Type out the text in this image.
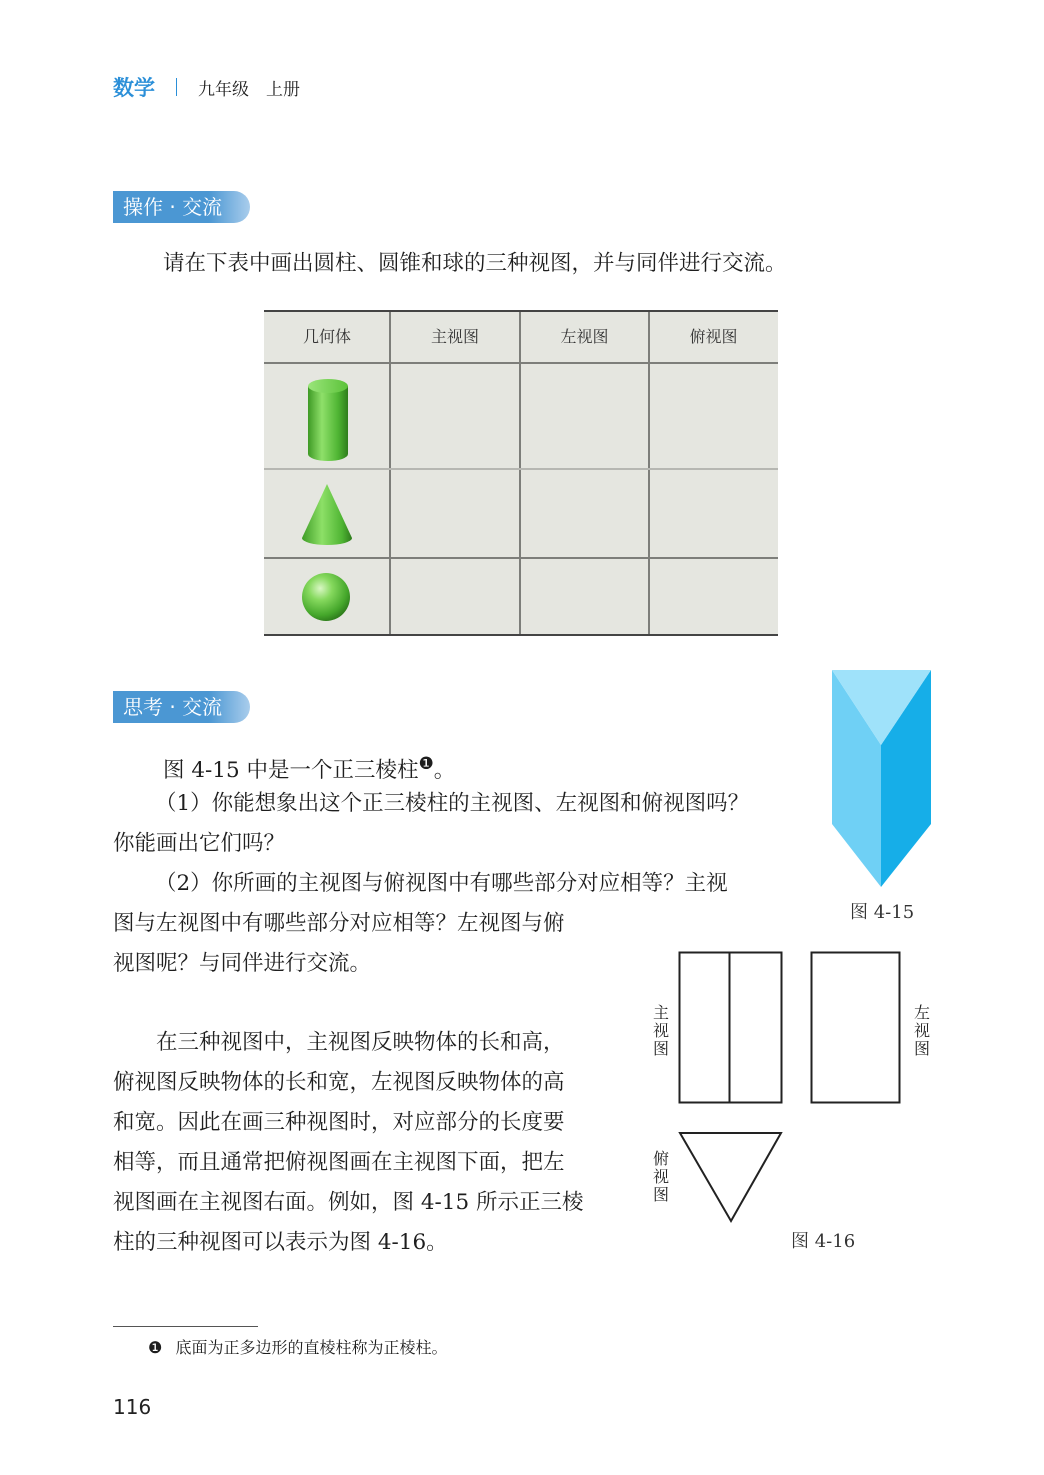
数学	九年级　上册
操作 · 交流
请在下表中画出圆柱、圆锥和球的三种视图，并与同伴进行交流。
几何体	主视图	左视图	俯视图
思考 · 交流
图 4-15 中是一个正三棱柱$^❶$。
（1）你能想象出这个正三棱柱的主视图、左视图和俯视图吗？
你能画出它们吗？
（2）你所画的主视图与俯视图中有哪些部分对应相等？主视
图与左视图中有哪些部分对应相等？左视图与俯
视图呢？与同伴进行交流。
图 4-15
主
视
图
左
视
图
俯
视
图
图 4-16
　　在三种视图中，主视图反映物体的长和高，
俯视图反映物体的长和宽，左视图反映物体的高
和宽。因此在画三种视图时，对应部分的长度要
相等，而且通常把俯视图画在主视图下面，把左
视图画在主视图右面。例如，图 4-15 所示正三棱
柱的三种视图可以表示为图 4-16。
❶ 底面为正多边形的直棱柱称为正棱柱。
116
